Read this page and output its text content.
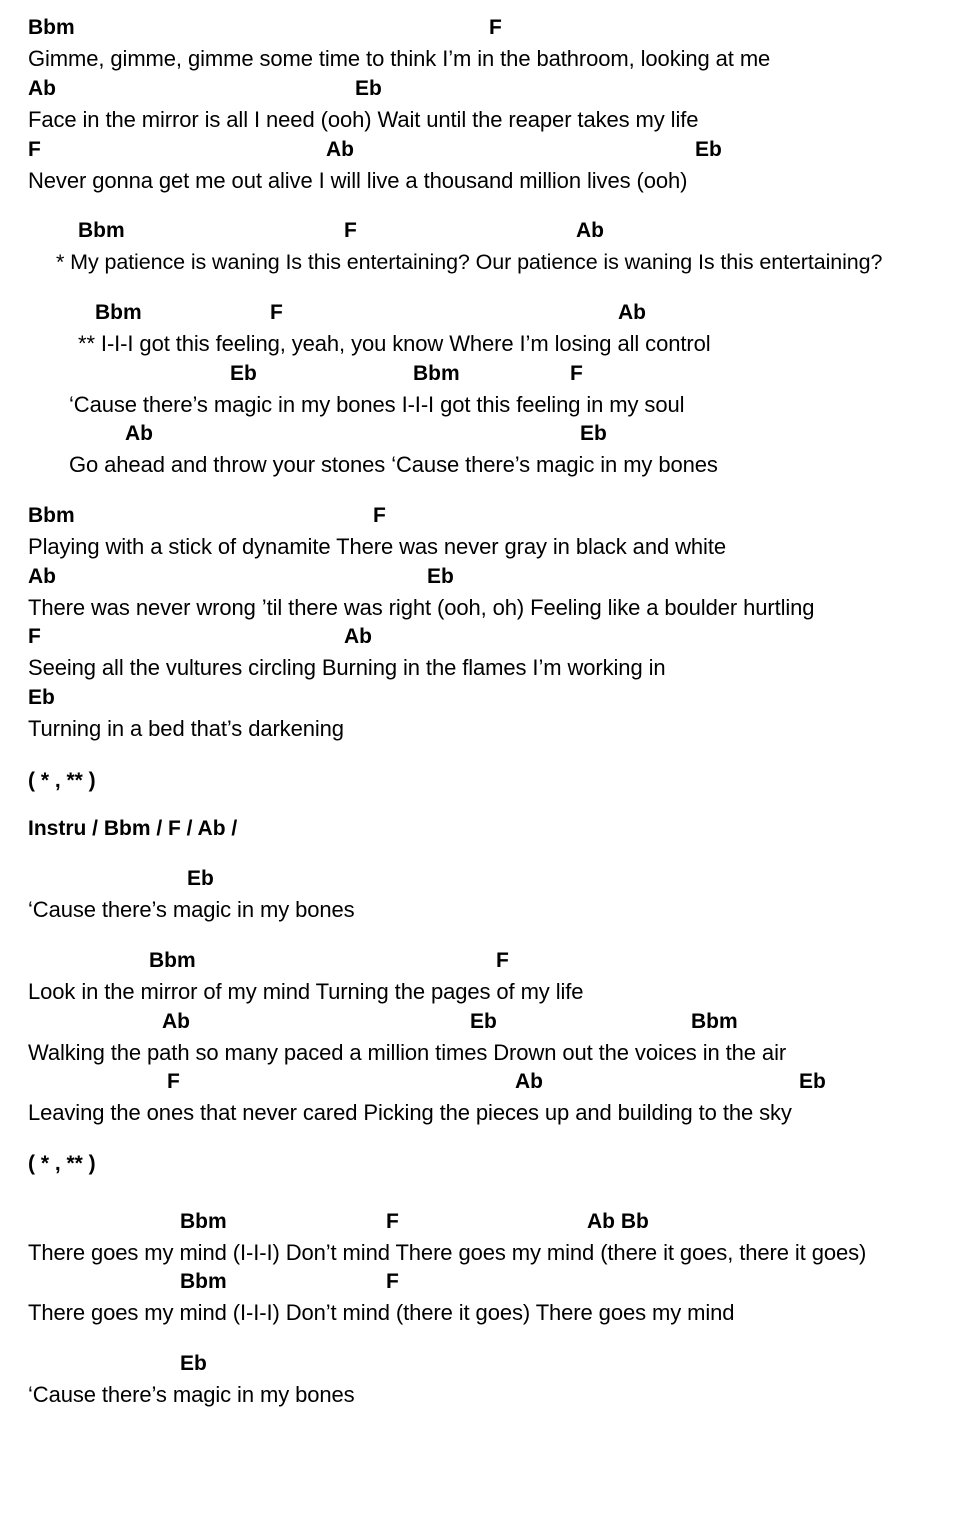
Bbm	F
Gimme, gimme, gimme some time to think I’m in the bathroom, looking at me
Ab	Eb
Face in the mirror is all I need (ooh) Wait until the reaper takes my life
F	Ab	Eb
Never gonna get me out alive I will live a thousand million lives (ooh)
Bbm	F	Ab
* My patience is waning Is this entertaining? Our patience is waning Is this entertaining?
Bbm	F	Ab
** I-I-I got this feeling, yeah, you know Where I’m losing all control
Eb	Bbm	F
‘Cause there’s magic in my bones I-I-I got this feeling in my soul
Ab	Eb
Go ahead and throw your stones ‘Cause there’s magic in my bones
Bbm	F
Playing with a stick of dynamite There was never gray in black and white
Ab	Eb
There was never wrong ’til there was right (ooh, oh) Feeling like a boulder hurtling
F	Ab
Seeing all the vultures circling Burning in the flames I’m working in
Eb
Turning in a bed that’s darkening
( * , ** )
Instru / Bbm / F / Ab /
Eb
‘Cause there’s magic in my bones
Bbm	F
Look in the mirror of my mind Turning the pages of my life
Ab	Eb	Bbm
Walking the path so many paced a million times Drown out the voices in the air
F	Ab	Eb
Leaving the ones that never cared Picking the pieces up and building to the sky
( * , ** )
Bbm	F	Ab Bb
There goes my mind (I-I-I) Don’t mind There goes my mind (there it goes, there it goes)
Bbm	F
There goes my mind (I-I-I) Don’t mind (there it goes) There goes my mind
Eb
‘Cause there’s magic in my bones
